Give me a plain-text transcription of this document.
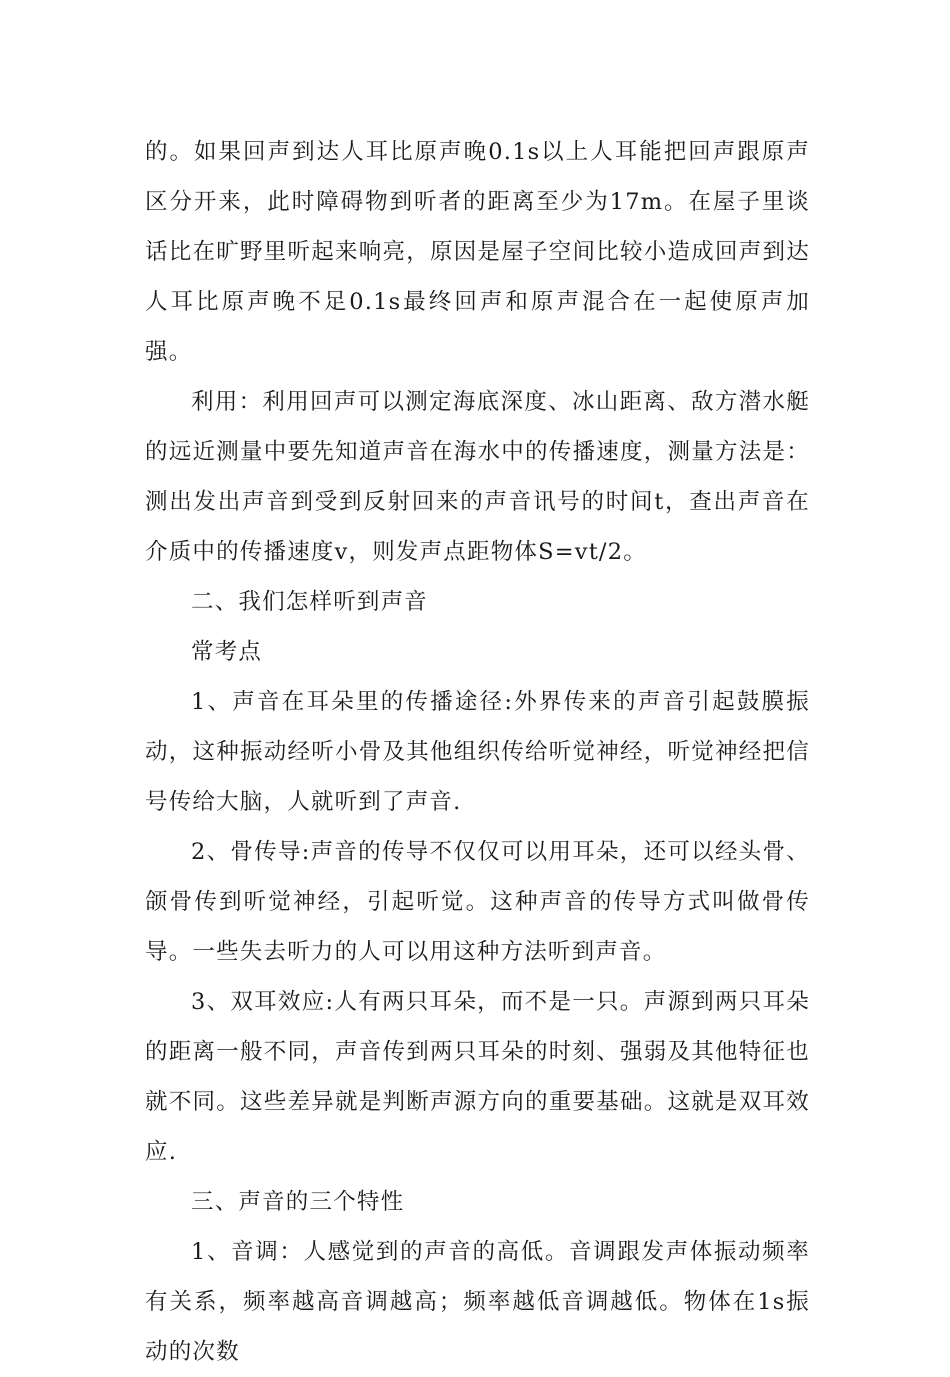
的。如果回声到达人耳比原声晚0.1s以上人耳能把回声跟原声区分开来，此时障碍物到听者的距离至少为17m。在屋子里谈话比在旷野里听起来响亮，原因是屋子空间比较小造成回声到达人耳比原声晚不足0.1s最终回声和原声混合在一起使原声加强。

利用：利用回声可以测定海底深度、冰山距离、敌方潜水艇的远近测量中要先知道声音在海水中的传播速度，测量方法是：测出发出声音到受到反射回来的声音讯号的时间t，查出声音在介质中的传播速度v，则发声点距物体S=vt/2。

二、我们怎样听到声音

常考点

1、声音在耳朵里的传播途径:外界传来的声音引起鼓膜振动，这种振动经听小骨及其他组织传给听觉神经，听觉神经把信号传给大脑，人就听到了声音.

2、骨传导:声音的传导不仅仅可以用耳朵，还可以经头骨、颌骨传到听觉神经，引起听觉。这种声音的传导方式叫做骨传导。一些失去听力的人可以用这种方法听到声音。

3、双耳效应:人有两只耳朵，而不是一只。声源到两只耳朵的距离一般不同，声音传到两只耳朵的时刻、强弱及其他特征也就不同。这些差异就是判断声源方向的重要基础。这就是双耳效应.

三、声音的三个特性

1、音调：人感觉到的声音的高低。音调跟发声体振动频率有关系，频率越高音调越高；频率越低音调越低。物体在1s振动的次数
